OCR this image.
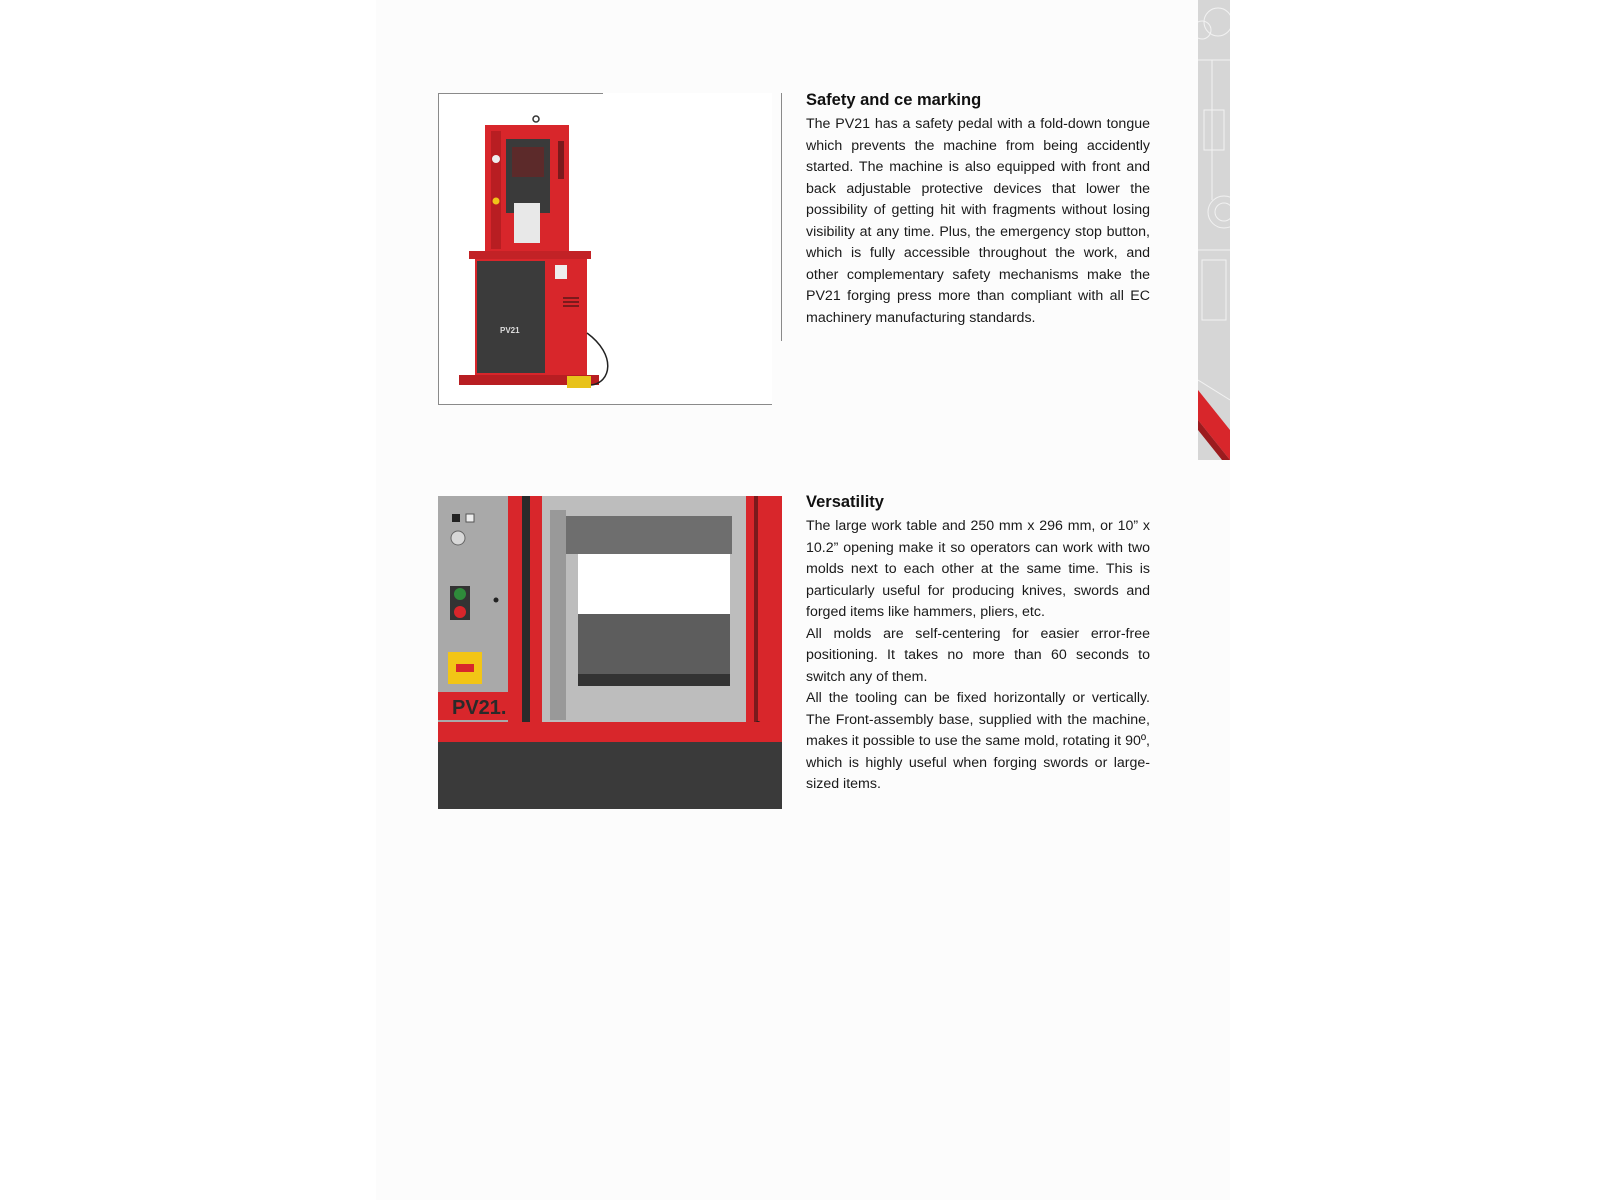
PV21
PV21.
Safety and ce marking

The PV21 has a safety pedal with a fold-down tongue which prevents the machine from being accidently started. The machine is also equipped with front and back adjustable protective devices that lower the possibility of getting hit with fragments without losing visibility at any time. Plus, the emergency stop button, which is fully accessible throughout the work, and other complementary safety mechanisms make the PV21 forging press more than compliant with all EC machinery manufacturing standards.

Versatility

The large work table and 250 mm x 296 mm, or 10” x 10.2” opening make it so operators can work with two molds next to each other at the same time. This is particularly useful for producing knives, swords and forged items like hammers, pliers, etc.

All molds are self-centering for easier error-free positioning. It takes no more than 60 seconds to switch any of them.

All the tooling can be fixed horizontally or vertically. The Front-assembly base, supplied with the machine, makes it possible to use the same mold, rotating it 90º, which is highly useful when forging swords or large-sized items.
